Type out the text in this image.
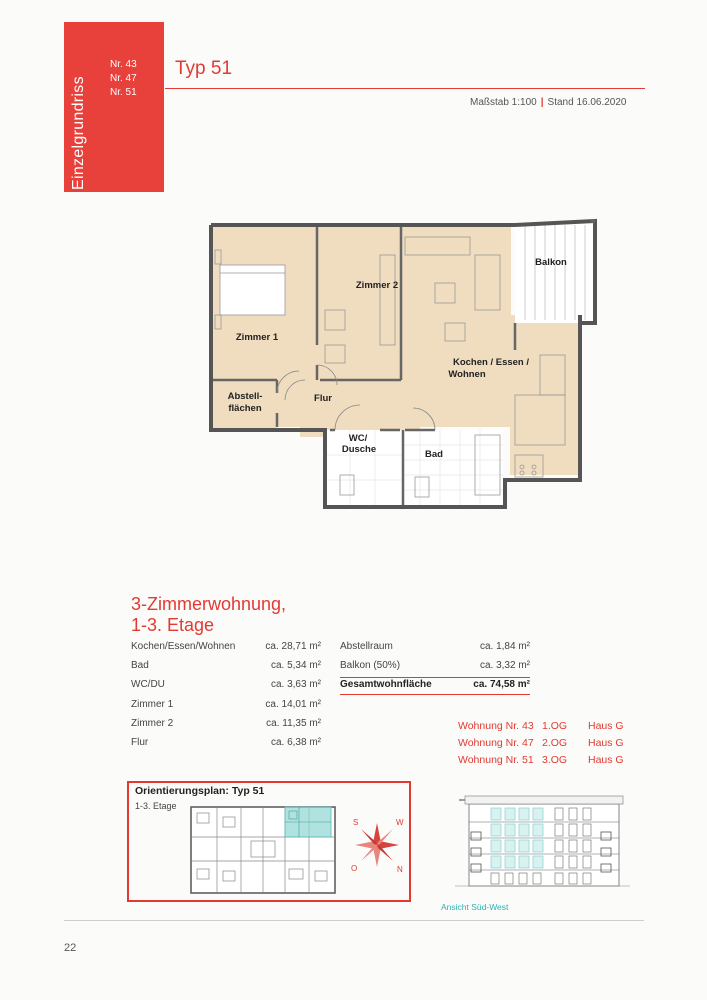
Einzelgrundriss
Nr. 43
Nr. 47
Nr. 51
Typ 51
Maßstab 1:100 | Stand 16.06.2020
Balkon
Zimmer 2
Zimmer 1
Kochen / Essen /
Wohnen
Abstell-
flächen
Flur
WC/
Dusche	Bad
3-Zimmerwohnung,
1-3. Etage
Kochen/Essen/Wohnen	ca. 28,71 m²
Bad	ca. 5,34 m²
WC/DU	ca. 3,63 m²
Zimmer 1	ca. 14,01 m²
Zimmer 2	ca. 11,35 m²
Flur	ca. 6,38 m²
Abstellraum	ca. 1,84 m²
Balkon (50%)	ca. 3,32 m²
Gesamtwohnfläche	ca. 74,58 m²
Wohnung Nr. 43 1.OG Haus G
Wohnung Nr. 47 2.OG Haus G
Wohnung Nr. 51 3.OG Haus G
Orientierungsplan: Typ 51
1-3. Etage
S	W
O	N
Ansicht Süd-West
22
